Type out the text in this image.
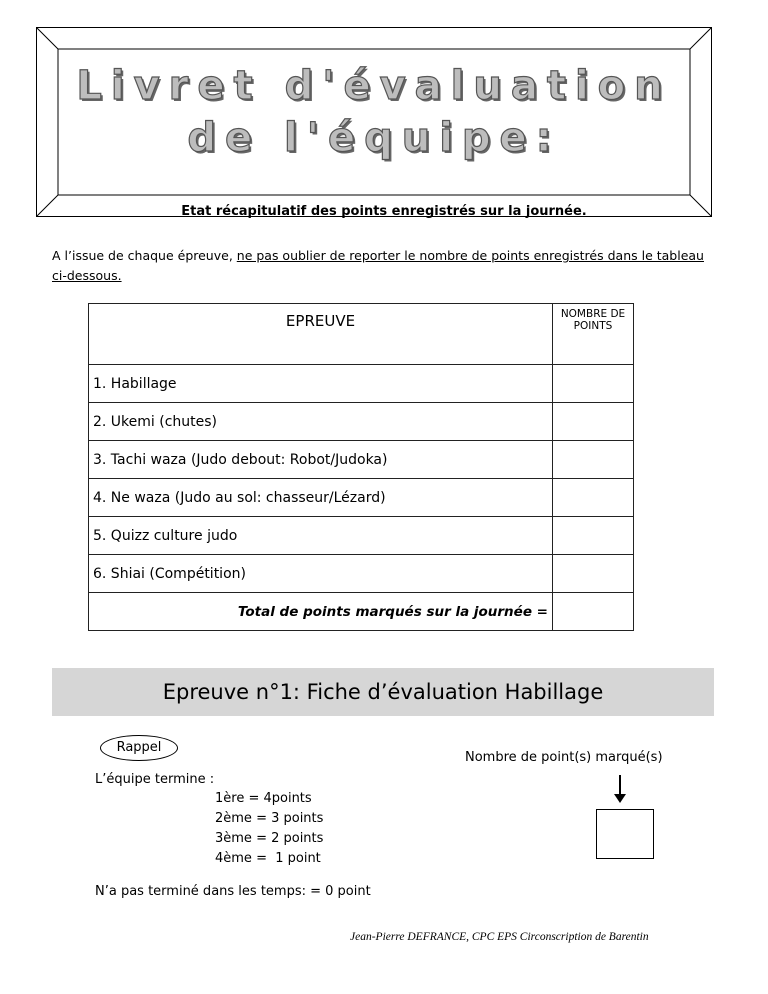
Livret d'évaluation
de l'équipe:
Etat récapitulatif des points enregistrés sur la journée.
A l’issue de chaque épreuve, ne pas oublier de reporter le nombre de points enregistrés dans le tableau ci-dessous.
EPREUVE	NOMBRE DE POINTS
1. Habillage	
2. Ukemi (chutes)	
3. Tachi waza (Judo debout: Robot/Judoka)	
4. Ne waza (Judo au sol: chasseur/Lézard)	
5. Quizz culture judo	
6. Shiai (Compétition)	
Total de points marqués sur la journée =	
Epreuve n°1: Fiche d’évaluation Habillage
Rappel
Nombre de point(s) marqué(s)
L’équipe termine :
1ère = 4points
2ème = 3 points
3ème = 2 points
4ème =  1 point
N’a pas terminé dans les temps: = 0 point
Jean-Pierre DEFRANCE, CPC EPS Circonscription de Barentin
